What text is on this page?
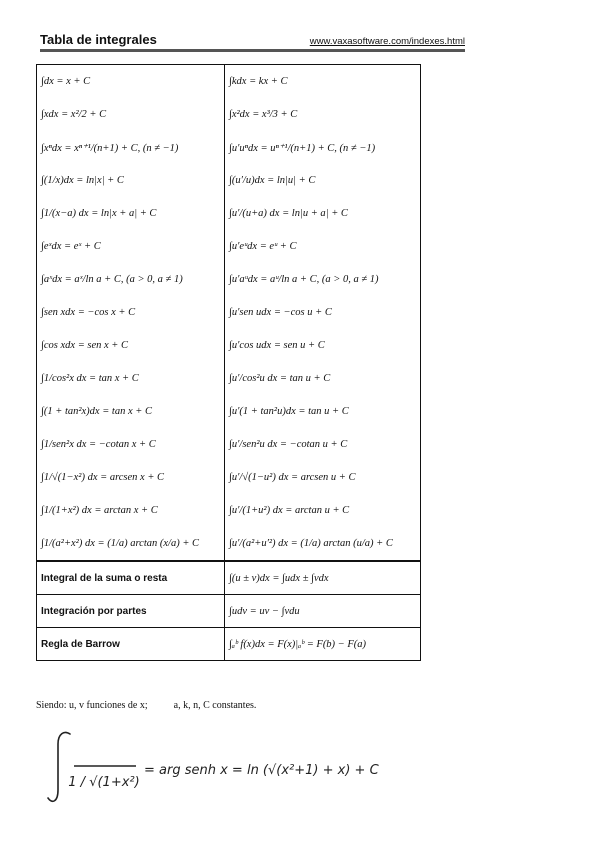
Tabla de integrales	www.vaxasoftware.com/indexes.html
∫dx = x + C	∫kdx = kx + C
∫xdx = x²/2 + C	∫x²dx = x³/3 + C
∫xⁿdx = xⁿ⁺¹/(n+1) + C, (n ≠ −1)	∫u′uⁿdx = uⁿ⁺¹/(n+1) + C, (n ≠ −1)
∫(1/x)dx = ln|x| + C	∫(u′/u)dx = ln|u| + C
∫1/(x−a) dx = ln|x + a| + C	∫u′/(u+a) dx = ln|u + a| + C
∫eˣdx = eˣ + C	∫u′eᵘdx = eᵘ + C
∫aˣdx = aˣ/ln a + C, (a > 0, a ≠ 1)	∫u′aᵘdx = aᵘ/ln a + C, (a > 0, a ≠ 1)
∫sen xdx = −cos x + C	∫u′sen udx = −cos u + C
∫cos xdx = sen x + C	∫u′cos udx = sen u + C
∫1/cos²x dx = tan x + C	∫u′/cos²u dx = tan u + C
∫(1 + tan²x)dx = tan x + C	∫u′(1 + tan²u)dx = tan u + C
∫1/sen²x dx = −cotan x + C	∫u′/sen²u dx = −cotan u + C
∫1/√(1−x²) dx = arcsen x + C	∫u′/√(1−u²) dx = arcsen u + C
∫1/(1+x²) dx = arctan x + C	∫u′/(1+u²) dx = arctan u + C
∫1/(a²+x²) dx = (1/a) arctan (x/a) + C	∫u′/(a²+u′²) dx = (1/a) arctan (u/a) + C
Integral de la suma o resta	∫(u ± v)dx = ∫udx ± ∫vdx
Integración por partes	∫udv = uv − ∫vdu
Regla de Barrow	∫ₐᵇ f(x)dx = F(x)|ₐᵇ = F(b) − F(a)
Siendo: u, v funciones de x;	a, k, n, C constantes.
1 / √(1+x²)
= arg senh x = ln (√(x²+1) + x) + C
